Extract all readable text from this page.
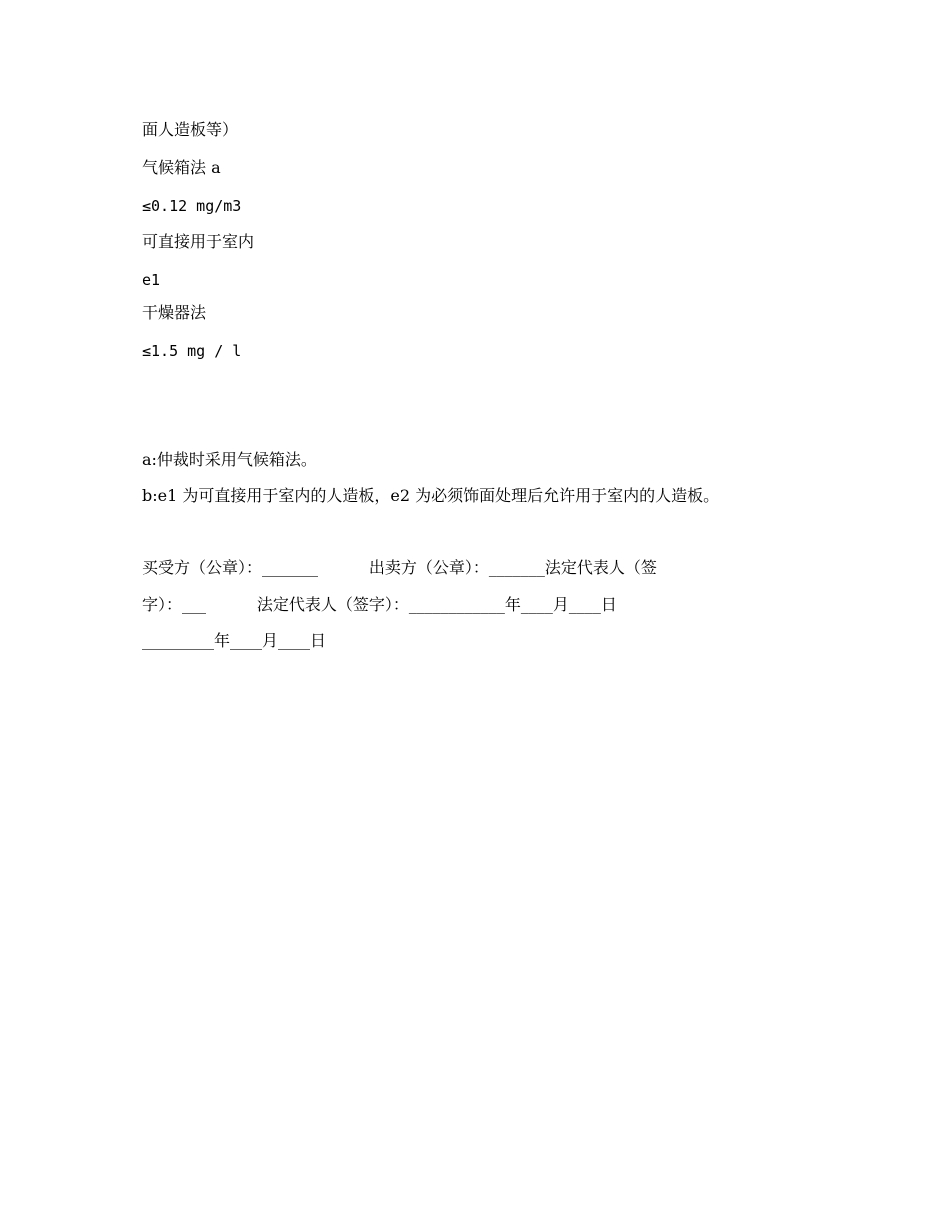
面人造板等）
气候箱法 a
≤0.12 mg/m3
可直接用于室内
e1
干燥器法
≤1.5 mg / l
a:仲裁时采用气候箱法。
b:e1 为可直接用于室内的人造板，e2 为必须饰面处理后允许用于室内的人造板。
买受方（公章）：_______          出卖方（公章）：_______法定代表人（签
字）：___          法定代表人（签字）：____________年____月____日
_________年____月____日
